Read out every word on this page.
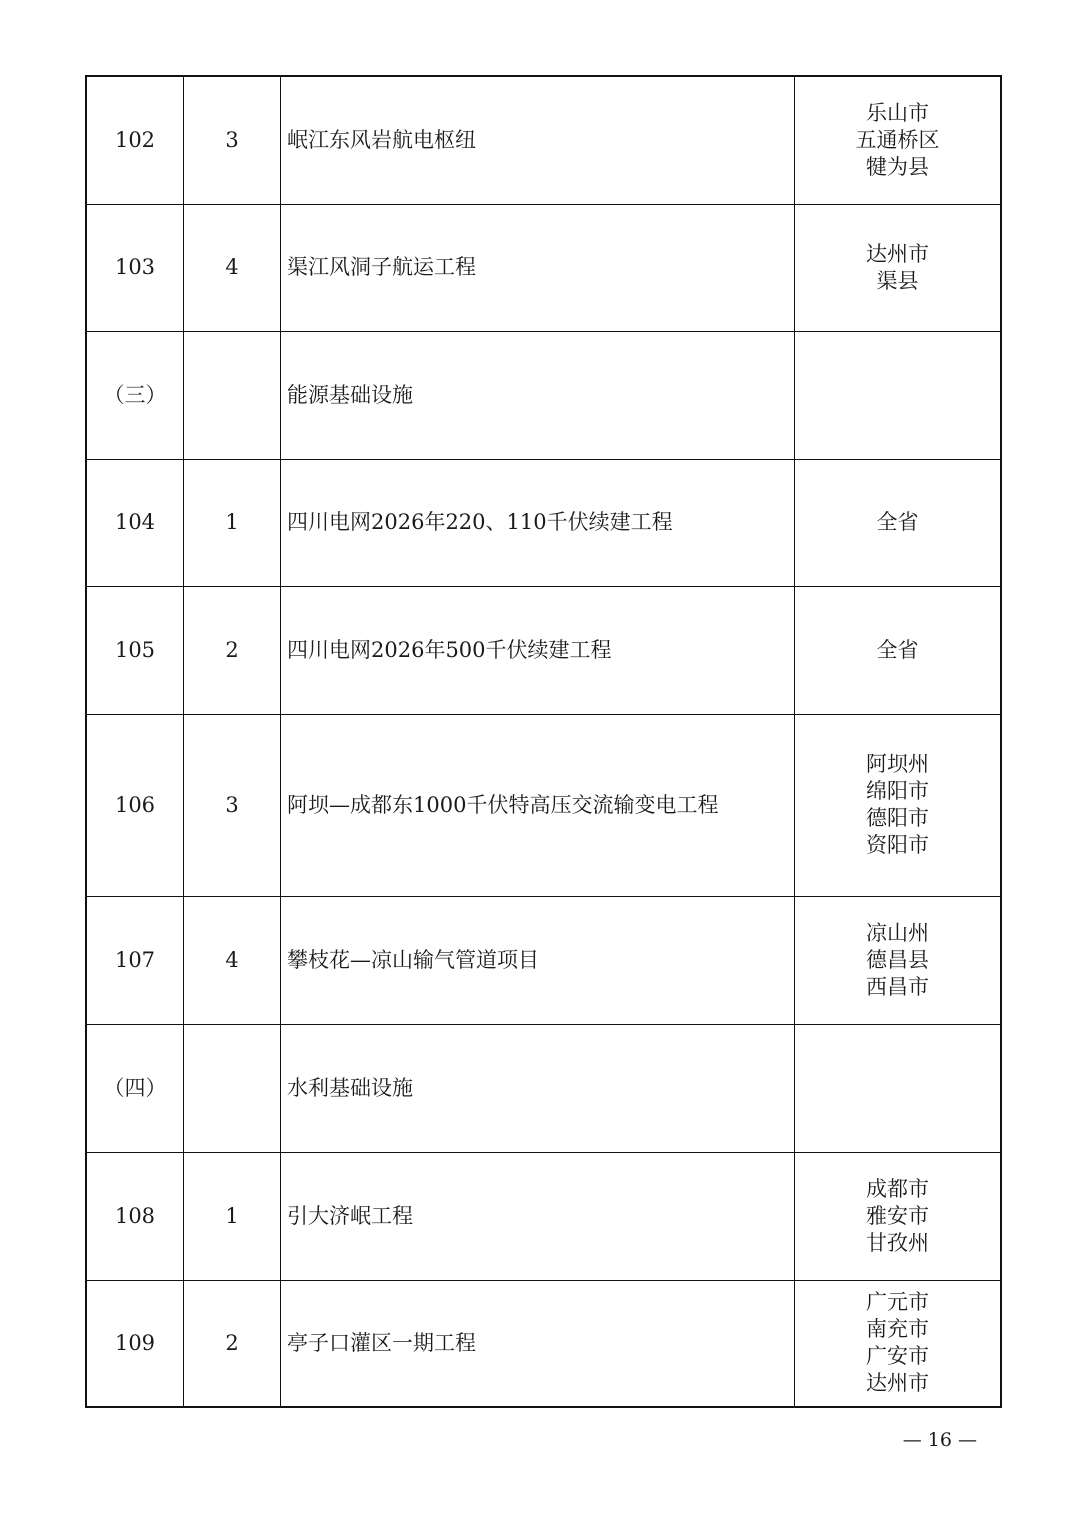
102	3	岷江东风岩航电枢纽	乐山市
五通桥区
犍为县

103	4	渠江风洞子航运工程	达州市
渠县

（三）		能源基础设施	
104	1	四川电网2026年220、110千伏续建工程	全省

105	2	四川电网2026年500千伏续建工程	全省

106	3	阿坝—成都东1000千伏特高压交流输变电工程	阿坝州
绵阳市
德阳市
资阳市

107	4	攀枝花—凉山输气管道项目	凉山州
德昌县
西昌市

（四）		水利基础设施	
108	1	引大济岷工程	成都市
雅安市
甘孜州

109	2	亭子口灌区一期工程	广元市
南充市
广安市
达州市
— 16 —
